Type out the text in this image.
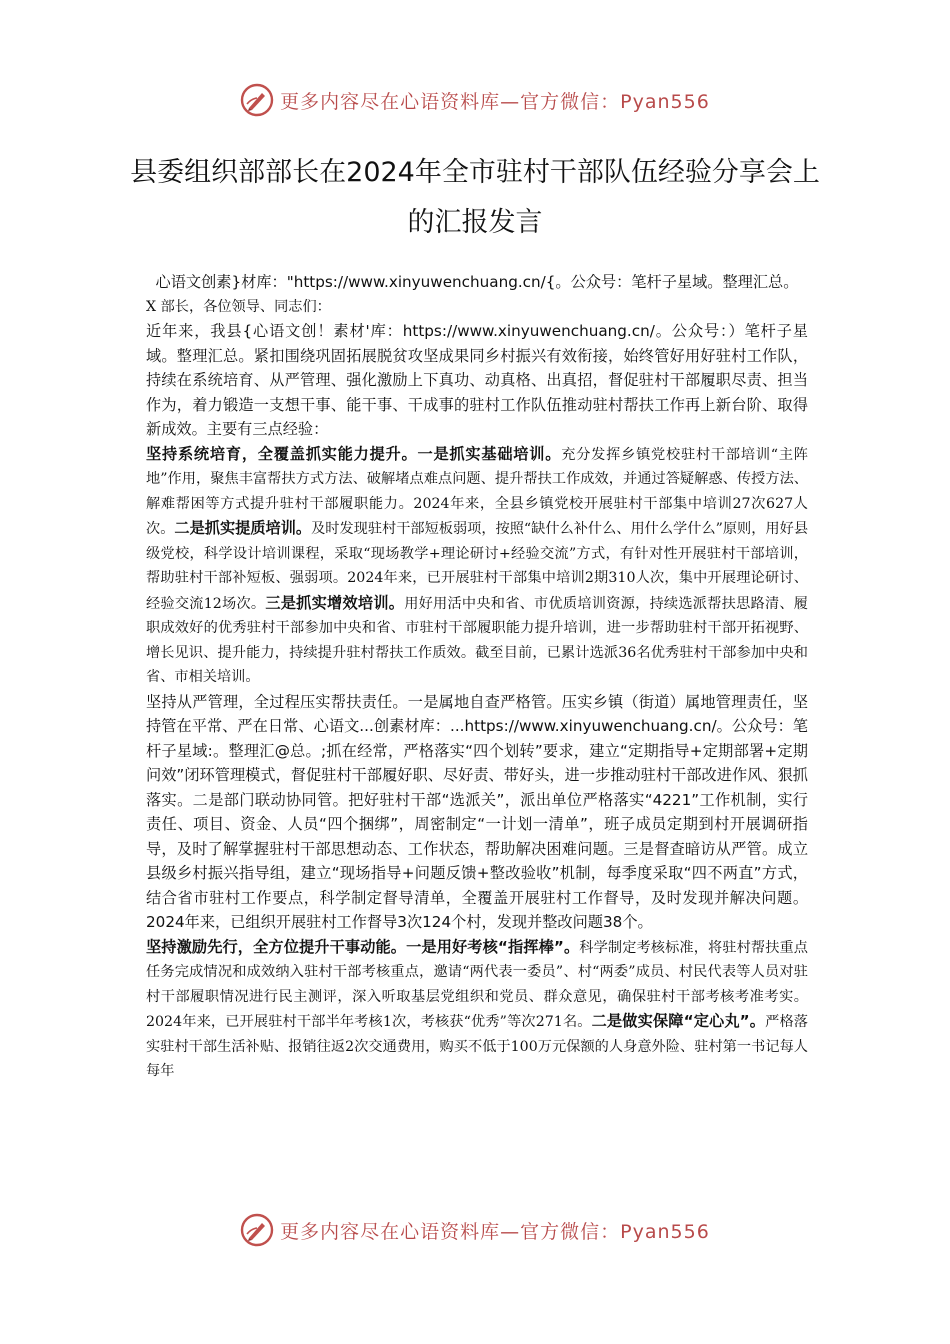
更多内容尽在心语资料库—官方微信：Pyan556
县委组织部部长在2024年全市驻村干部队伍经验分享会上的汇报发言

心语文创素}材库："https://www.xinyuwenchuang.cn/{。公众号：笔杆子星域。整理汇总。

X 部长，各位领导、同志们：

近年来，我县{心语文创！素材'库：https://www.xinyuwenchuang.cn/。公众号：）笔杆子星域。整理汇总。紧扣围绕巩固拓展脱贫攻坚成果同乡村振兴有效衔接，始终管好用好驻村工作队，持续在系统培育、从严管理、强化激励上下真功、动真格、出真招，督促驻村干部履职尽责、担当作为，着力锻造一支想干事、能干事、干成事的驻村工作队伍推动驻村帮扶工作再上新台阶、取得新成效。主要有三点经验：

坚持系统培育，全覆盖抓实能力提升。一是抓实基础培训。充分发挥乡镇党校驻村干部培训“主阵地”作用，聚焦丰富帮扶方式方法、破解堵点难点问题、提升帮扶工作成效，并通过答疑解惑、传授方法、解难帮困等方式提升驻村干部履职能力。2024年来，全县乡镇党校开展驻村干部集中培训27次627人次。二是抓实提质培训。及时发现驻村干部短板弱项，按照“缺什么补什么、用什么学什么”原则，用好县级党校，科学设计培训课程，采取“现场教学+理论研讨+经验交流”方式，有针对性开展驻村干部培训，帮助驻村干部补短板、强弱项。2024年来，已开展驻村干部集中培训2期310人次，集中开展理论研讨、经验交流12场次。三是抓实增效培训。用好用活中央和省、市优质培训资源，持续选派帮扶思路清、履职成效好的优秀驻村干部参加中央和省、市驻村干部履职能力提升培训，进一步帮助驻村干部开拓视野、增长见识、提升能力，持续提升驻村帮扶工作质效。截至目前，已累计选派36名优秀驻村干部参加中央和省、市相关培训。

坚持从严管理，全过程压实帮扶责任。一是属地自查严格管。压实乡镇（街道）属地管理责任，坚持管在平常、严在日常、心语文...创素材库：...https://www.xinyuwenchuang.cn/。公众号：笔杆子星域:。整理汇@总。;抓在经常，严格落实“四个划转”要求，建立“定期指导+定期部署+定期问效”闭环管理模式，督促驻村干部履好职、尽好责、带好头，进一步推动驻村干部改进作风、狠抓落实。二是部门联动协同管。把好驻村干部“选派关”，派出单位严格落实“4221”工作机制，实行责任、项目、资金、人员“四个捆绑”，周密制定“一计划一清单”，班子成员定期到村开展调研指导，及时了解掌握驻村干部思想动态、工作状态，帮助解决困难问题。三是督查暗访从严管。成立县级乡村振兴指导组，建立“现场指导+问题反馈+整改验收”机制，每季度采取“四不两直”方式，结合省市驻村工作要点，科学制定督导清单，全覆盖开展驻村工作督导，及时发现并解决问题。2024年来，已组织开展驻村工作督导3次124个村，发现并整改问题38个。

坚持激励先行，全方位提升干事动能。一是用好考核“指挥棒”。科学制定考核标准，将驻村帮扶重点任务完成情况和成效纳入驻村干部考核重点，邀请“两代表一委员”、村“两委”成员、村民代表等人员对驻村干部履职情况进行民主测评，深入听取基层党组织和党员、群众意见，确保驻村干部考核考准考实。2024年来，已开展驻村干部半年考核1次，考核获“优秀”等次271名。二是做实保障“定心丸”。严格落实驻村干部生活补贴、报销往返2次交通费用，购买不低于100万元保额的人身意外险、驻村第一书记每人每年

更多内容尽在心语资料库—官方微信：Pyan556
